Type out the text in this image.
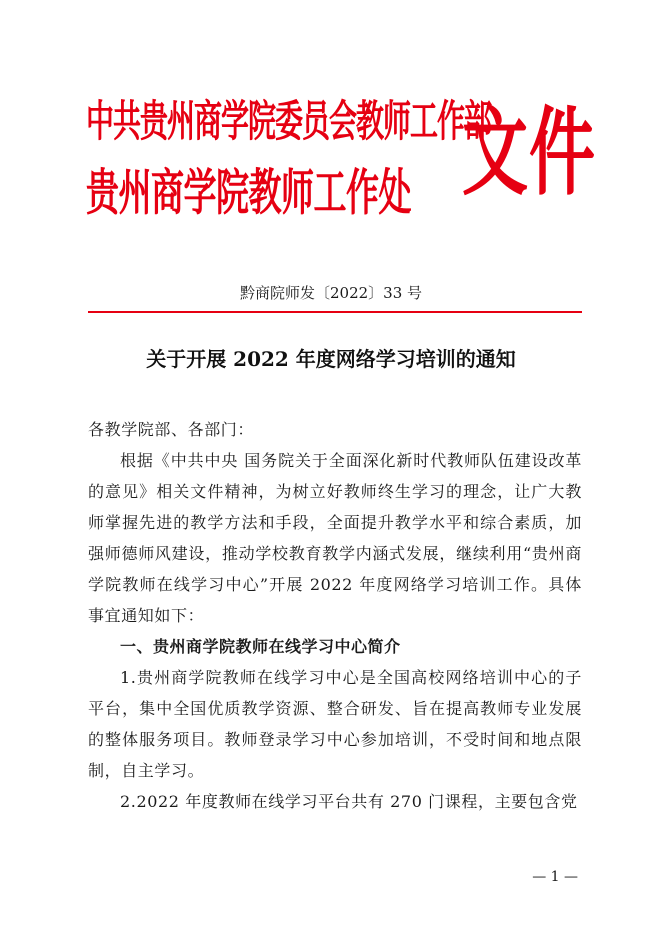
中共贵州商学院委员会教师工作部
贵州商学院教师工作处 文件
黔商院师发〔2022〕33 号
关于开展 2022 年度网络学习培训的通知

各教学院部、各部门：

根据《中共中央 国务院关于全面深化新时代教师队伍建设改革的意见》相关文件精神，为树立好教师终生学习的理念，让广大教师掌握先进的教学方法和手段，全面提升教学水平和综合素质，加强师德师风建设，推动学校教育教学内涵式发展，继续利用“贵州商学院教师在线学习中心”开展 2022 年度网络学习培训工作。具体事宜通知如下：

一、贵州商学院教师在线学习中心简介

1.贵州商学院教师在线学习中心是全国高校网络培训中心的子平台，集中全国优质教学资源、整合研发、旨在提高教师专业发展的整体服务项目。教师登录学习中心参加培训，不受时间和地点限制，自主学习。

2.2022 年度教师在线学习平台共有 270 门课程，主要包含党

— 1 —
